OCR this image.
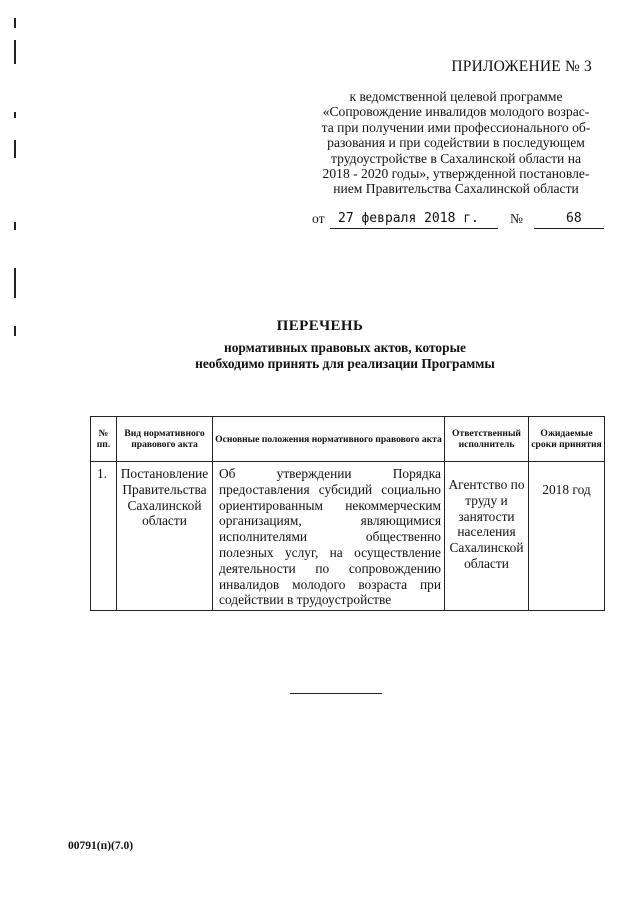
ПРИЛОЖЕНИЕ № 3
к ведомственной целевой программе
«Сопровождение инвалидов молодого возрас-
та при получении ими профессионального об-
разования и при содействии в последующем
трудоустройстве в Сахалинской области на
2018 - 2020 годы», утвержденной постановле-
нием Правительства Сахалинской области
от 27 февраля 2018 г. №	68
ПЕРЕЧЕНЬ
нормативных правовых актов, которые
необходимо принять для реализации Программы
№ пп.	Вид нормативного правового акта	Основные положения нормативного правового акта	Ответственный исполнитель	Ожидаемые сроки принятия
1.	Постановление Правительства Сахалинской области	Об утверждении Порядка предоставления субсидий социально ориентированным некоммерческим организациям, являющимися исполнителями общественно полезных услуг, на осуществление деятельности по сопровождению инвалидов молодого возраста при содействии в трудоустройстве	Агентство по труду и занятости населения Сахалинской области	2018 год
00791(п)(7.0)
